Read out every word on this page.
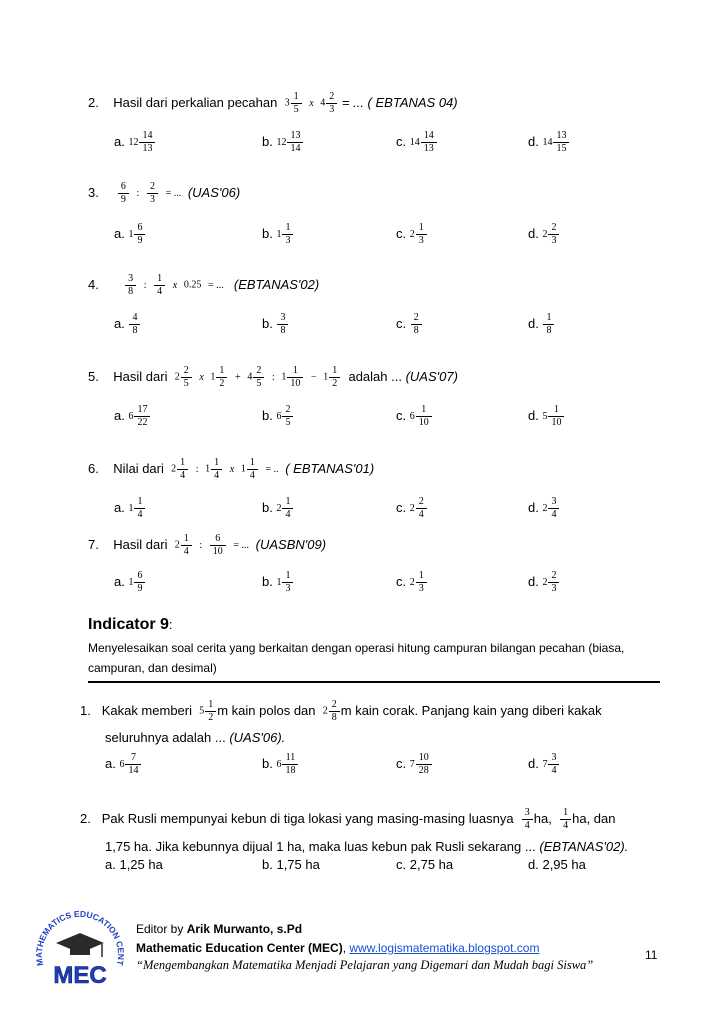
2. Hasil dari perkalian pecahan $3 \frac{1}{5}$ x $4 \frac{2}{3}$ = ... ( EBTANAS 04)
a. $12 \frac{14}{13}$	b. $12 \frac{13}{14}$	c. $14 \frac{14}{13}$	d. $14 \frac{13}{15}$
3. $\frac{6}{9}$ : $\frac{2}{3}$ = ... (UAS'06)
a. $1 \frac{6}{9}$	b. $1 \frac{1}{3}$	c. $2 \frac{1}{3}$	d. $2 \frac{2}{3}$
4.	$\frac{3}{8}$ : $\frac{1}{4}$ x 0.25 = ... (EBTANAS'02)
a. $\frac{4}{8}$	b. $\frac{3}{8}$	c. $\frac{2}{8}$	d. $\frac{1}{8}$
5. Hasil dari $2 \frac{2}{5}$ x $1 \frac{1}{2} + 4 \frac{2}{5}$ : $1 \frac{1}{10} - 1 \frac{1}{2}$ adalah ... (UAS'07)
a. $6 \frac{17}{22}$	b. $6 \frac{2}{5}$	c. $6 \frac{1}{10}$	d. $5 \frac{1}{10}$
6. Nilai dari $2 \frac{1}{4}$ : $1 \frac{1}{4}$ x $1 \frac{1}{4}$ = .. ( EBTANAS'01)
a. $1 \frac{1}{4}$	b. $2 \frac{1}{4}$	c. $2 \frac{2}{4}$	d. $2 \frac{3}{4}$
7. Hasil dari $2 \frac{1}{4}$ : $\frac{6}{10}$ = ... (UASBN'09)
a. $1 \frac{6}{9}$	b. $1 \frac{1}{3}$	c. $2 \frac{1}{3}$	d. $2 \frac{2}{3}$
Indicator 9:
Menyelesaikan soal cerita yang berkaitan dengan operasi hitung campuran bilangan pecahan (biasa, campuran, dan desimal)
1. Kakak memberi $5 \frac{1}{2}$ m kain polos dan $2 \frac{2}{8}$ m kain corak. Panjang kain yang diberi kakak
seluruhnya adalah ... (UAS'06).
a. $6 \frac{7}{14}$	b. $6 \frac{11}{18}$	c. $7 \frac{10}{28}$	d. $7 \frac{3}{4}$
2. Pak Rusli mempunyai kebun di tiga lokasi yang masing-masing luasnya $\frac{3}{4}$ ha, $\frac{1}{4}$ ha, dan
1,75 ha. Jika kebunnya dijual 1 ha, maka luas kebun pak Rusli sekarang ... (EBTANAS'02).
a. 1,25 ha	b. 1,75 ha	c. 2,75 ha	d. 2,95 ha
MATHEMATICS EDUCATION CENT
MEC
Editor by Arik Murwanto, s.Pd
Mathematic Education Center (MEC), www.logismatematika.blogspot.com
“Mengembangkan Matematika Menjadi Pelajaran yang Digemari dan Mudah bagi Siswa”
11
